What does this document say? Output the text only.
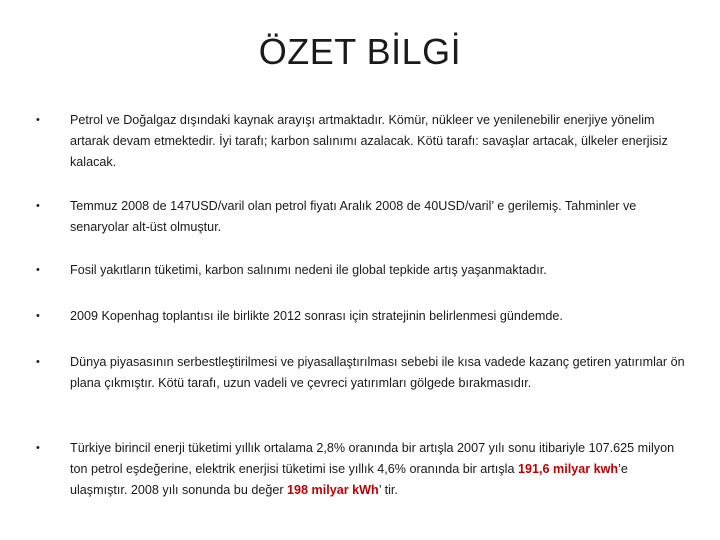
ÖZET BİLGİ
• Petrol ve Doğalgaz dışındaki kaynak arayışı artmaktadır. Kömür, nükleer ve yenilenebilir enerjiye yönelim artarak devam etmektedir. İyi tarafı; karbon salınımı azalacak. Kötü tarafı: savaşlar artacak, ülkeler enerjisiz kalacak.
• Temmuz 2008 de 147USD/varil olan petrol fiyatı Aralık 2008 de 40USD/varil’ e gerilemiş. Tahminler ve senaryolar alt-üst olmuştur.
• Fosil yakıtların tüketimi, karbon salınımı nedeni ile global tepkide artış yaşanmaktadır.
• 2009 Kopenhag toplantısı ile birlikte 2012 sonrası için stratejinin belirlenmesi gündemde.
• Dünya piyasasının serbestleştirilmesi ve piyasallaştırılması sebebi ile kısa vadede kazanç getiren yatırımlar ön plana çıkmıştır. Kötü tarafı, uzun vadeli ve çevreci yatırımları gölgede bırakmasıdır.
• Türkiye birincil enerji tüketimi yıllık ortalama 2,8% oranında bir artışla 2007 yılı sonu itibariyle 107.625 milyon ton petrol eşdeğerine, elektrik enerjisi tüketimi ise yıllık 4,6% oranında bir artışla 191,6 milyar kwh’e ulaşmıştır. 2008 yılı sonunda bu değer 198 milyar kWh’ tir.
